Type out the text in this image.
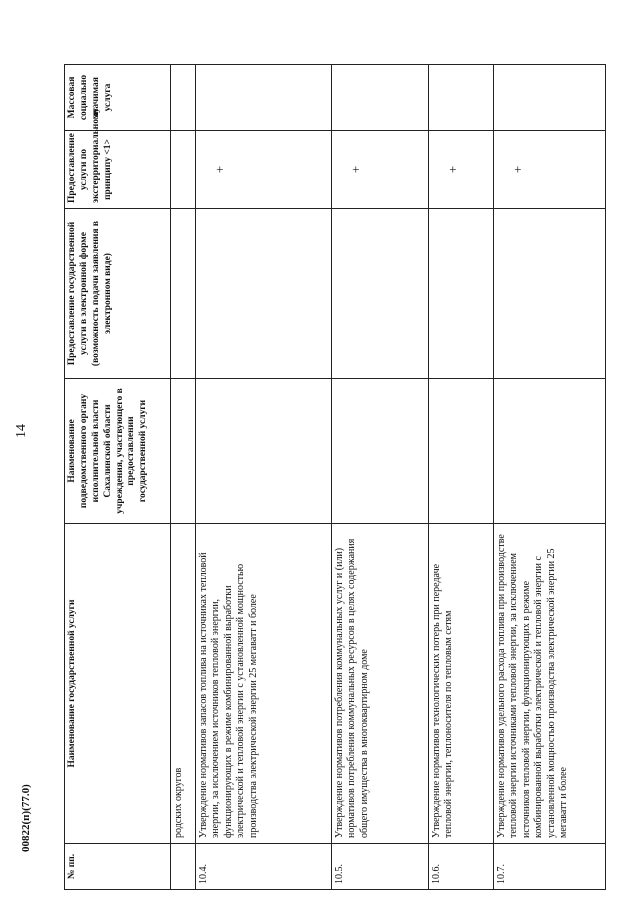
14
00822(п)(77.0)
№ пп.	Наименование государственной услуги	Наименование подведомственного органу исполнительной власти Сахалинской области учреждения, участвующего в предоставлении государственной услуги	Предоставление государственной услуги в электронной форме (возможность подачи заявления в электронном виде)	Предоставление услуги по экстерриториальному принципу <1>	Массовая социально значимая услуга
	родских округов				
10.4.	Утверждение нормативов запасов топлива на источниках тепловой энергии, за исключением источников тепловой энергии, функционирующих в режиме комбинированной выработки электрической и тепловой энергии с установленной мощностью производства электрической энергии 25 мегаватт и более			+	
10.5.	Утверждение нормативов потребления коммунальных услуг и (или) нормативов потребления коммунальных ресурсов в целях содержания общего имущества в многоквартирном доме			+	
10.6.	Утверждение нормативов технологических потерь при передаче тепловой энергии, теплоносителя по тепловым сетям			+	
10.7.	Утверждение нормативов удельного расхода топлива при производстве тепловой энергии источниками тепловой энергии, за исключением источников тепловой энергии, функционирующих в режиме комбинированной выработки электрической и тепловой энергии с установленной мощностью производства электрической энергии 25 мегаватт и более			+	
